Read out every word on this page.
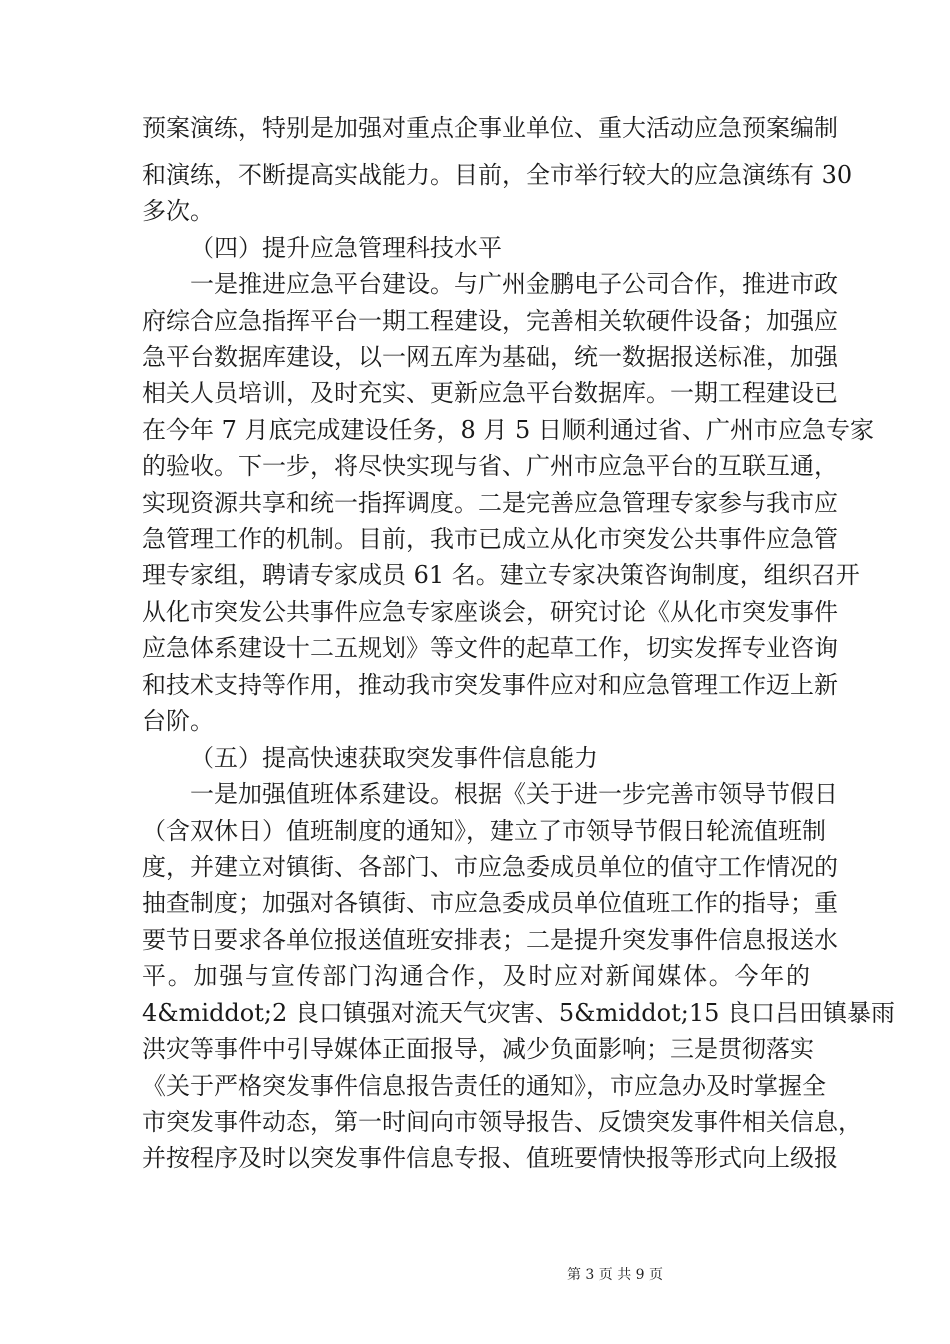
预案演练，特别是加强对重点企事业单位、重大活动应急预案编制
和演练，不断提高实战能力。目前，全市举行较大的应急演练有 30
多次。
（四）提升应急管理科技水平
一是推进应急平台建设。与广州金鹏电子公司合作，推进市政
府综合应急指挥平台一期工程建设，完善相关软硬件设备；加强应
急平台数据库建设，以一网五库为基础，统一数据报送标准，加强
相关人员培训，及时充实、更新应急平台数据库。一期工程建设已
在今年 7 月底完成建设任务，8 月 5 日顺利通过省、广州市应急专家
的验收。下一步，将尽快实现与省、广州市应急平台的互联互通，
实现资源共享和统一指挥调度。二是完善应急管理专家参与我市应
急管理工作的机制。目前，我市已成立从化市突发公共事件应急管
理专家组，聘请专家成员 61 名。建立专家决策咨询制度，组织召开
从化市突发公共事件应急专家座谈会，研究讨论《从化市突发事件
应急体系建设十二五规划》等文件的起草工作，切实发挥专业咨询
和技术支持等作用，推动我市突发事件应对和应急管理工作迈上新
台阶。
（五）提高快速获取突发事件信息能力
一是加强值班体系建设。根据《关于进一步完善市领导节假日
（含双休日）值班制度的通知》，建立了市领导节假日轮流值班制
度，并建立对镇街、各部门、市应急委成员单位的值守工作情况的
抽查制度；加强对各镇街、市应急委成员单位值班工作的指导；重
要节日要求各单位报送值班安排表；二是提升突发事件信息报送水
平。加强与宣传部门沟通合作，及时应对新闻媒体。今年的
4&middot;2 良口镇强对流天气灾害、5&middot;15 良口吕田镇暴雨
洪灾等事件中引导媒体正面报导，减少负面影响；三是贯彻落实
《关于严格突发事件信息报告责任的通知》，市应急办及时掌握全
市突发事件动态，第一时间向市领导报告、反馈突发事件相关信息，
并按程序及时以突发事件信息专报、值班要情快报等形式向上级报
第 3 页 共 9 页
